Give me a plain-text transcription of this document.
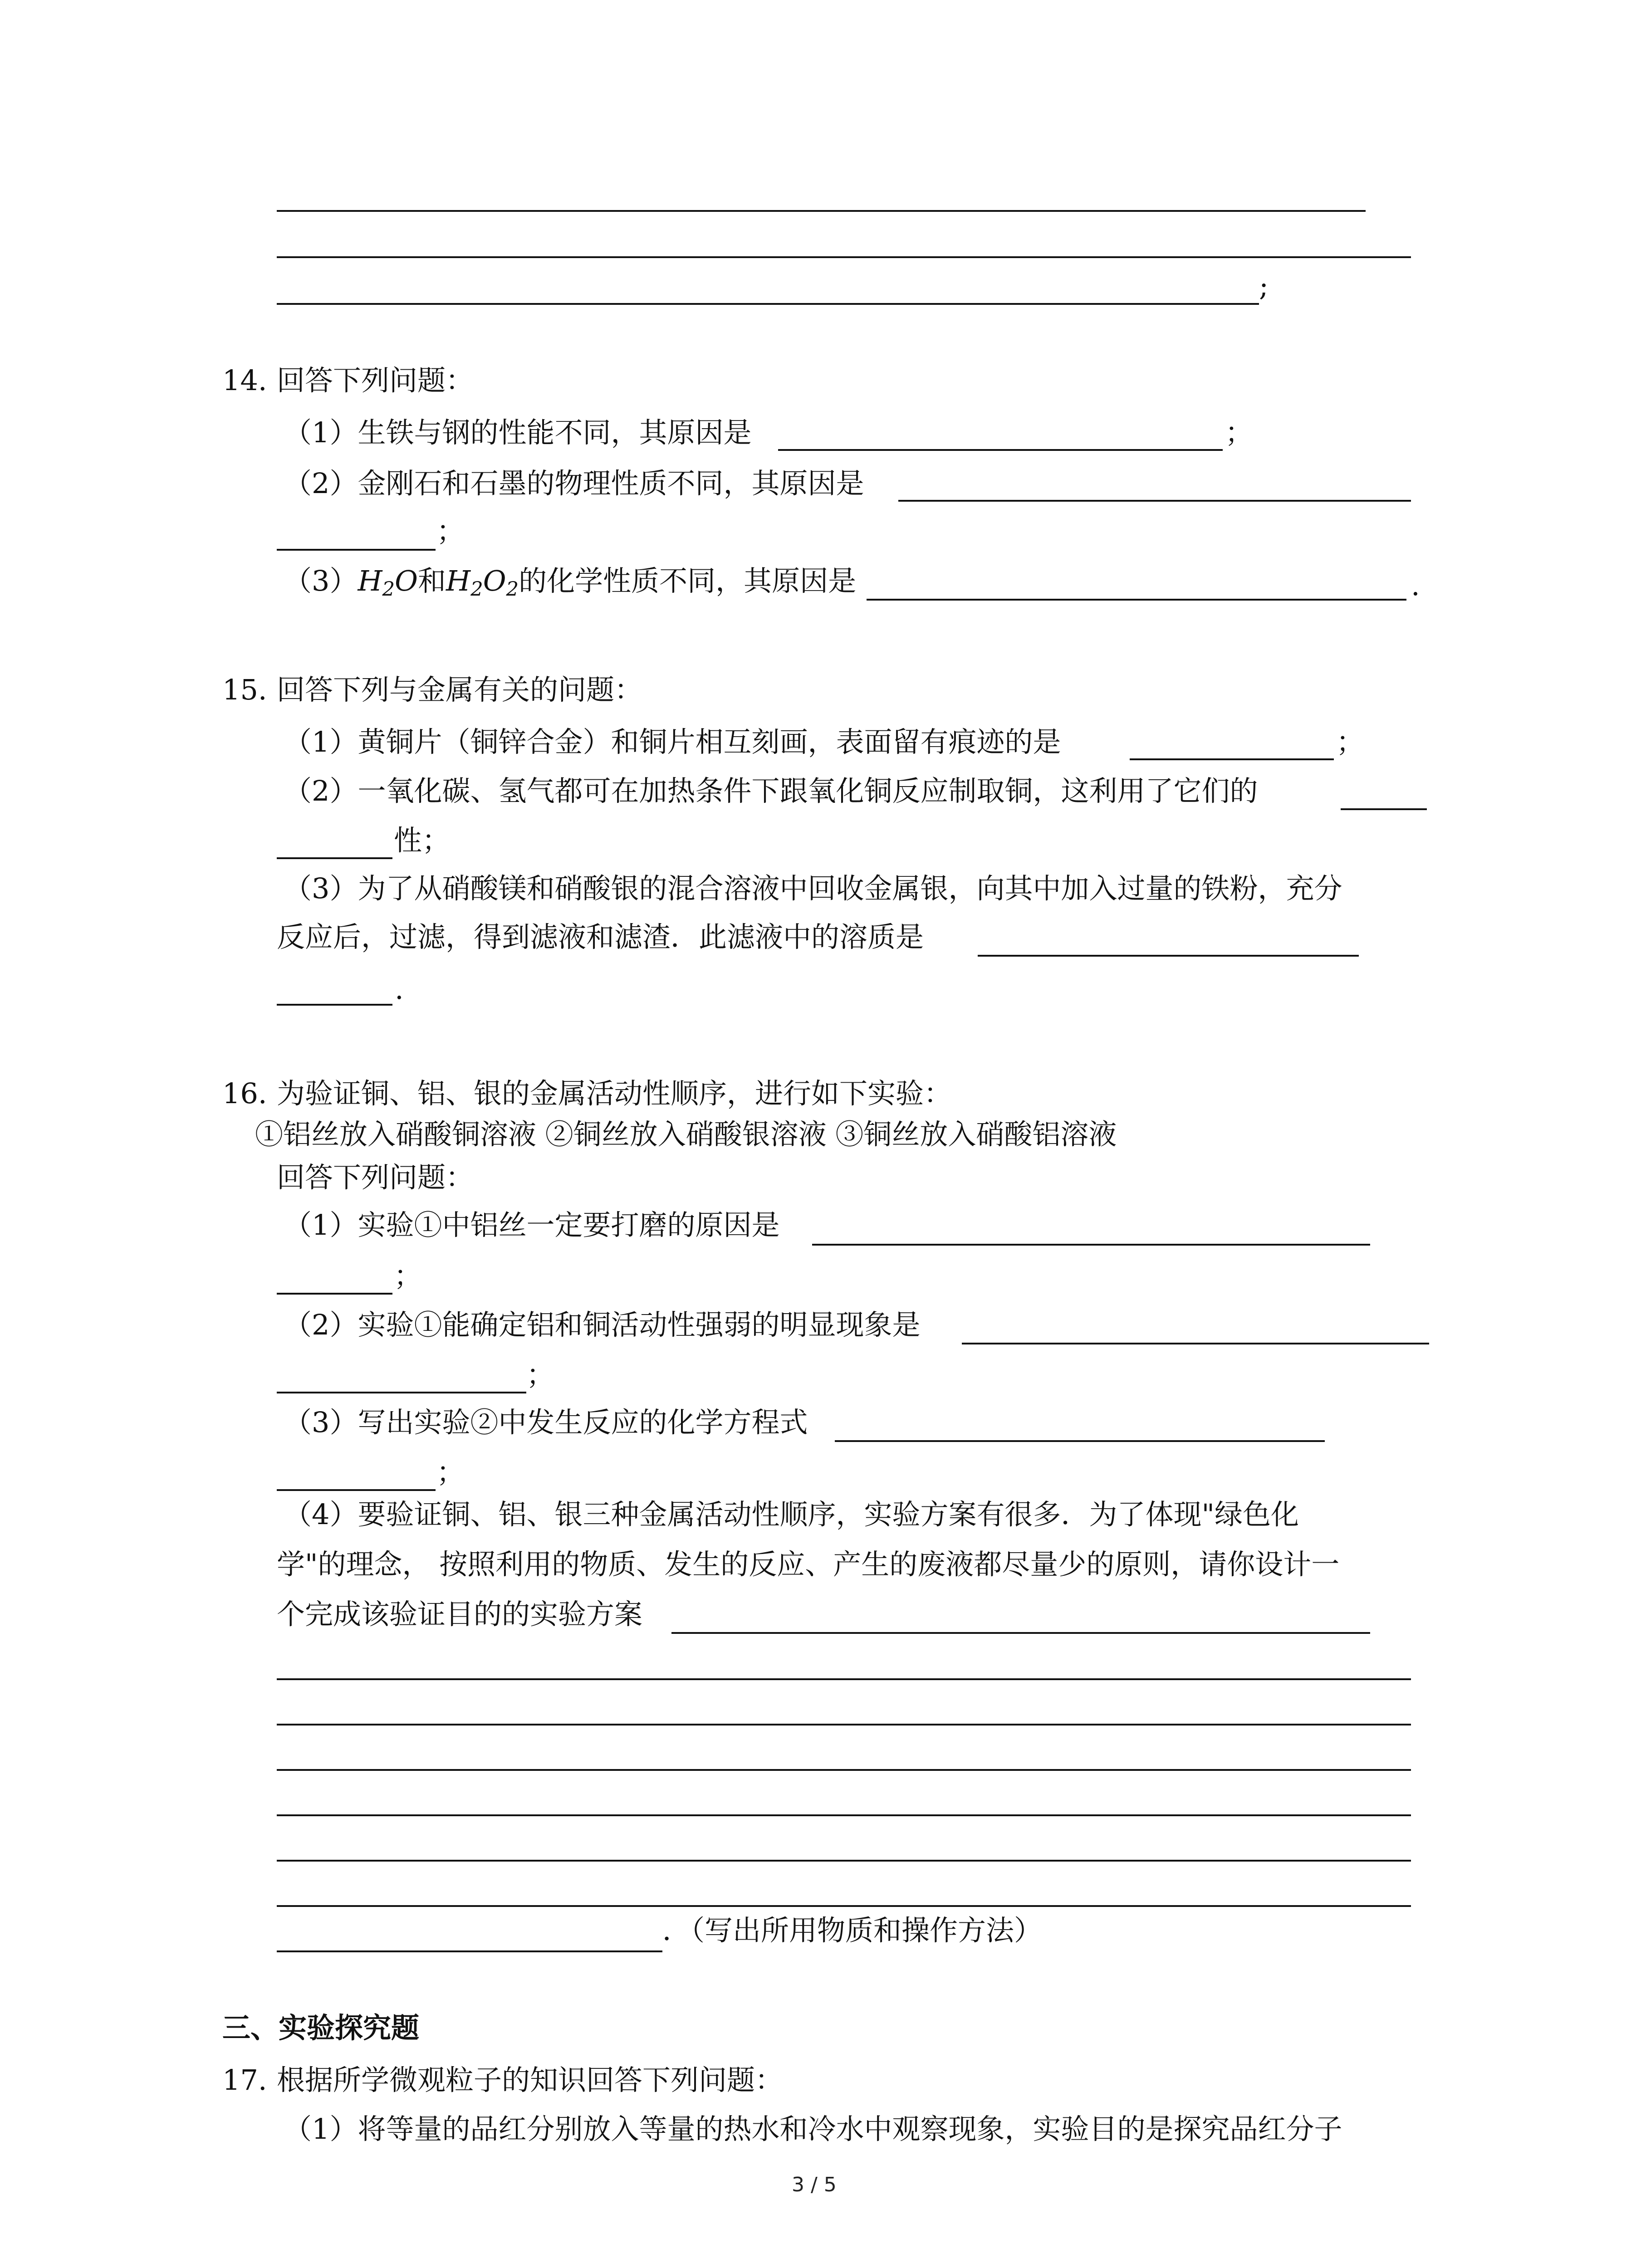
;
14. 回答下列问题：
（1）生铁与钢的性能不同，其原因是	；
（2）金刚石和石墨的物理性质不同，其原因是
；
$(3)H_2O$和$H_2O_2$的化学性质不同，其原因是	.
15. 回答下列与金属有关的问题：
（1）黄铜片（铜锌合金）和铜片相互刻画，表面留有痕迹的是	；
（2）一氧化碳、氢气都可在加热条件下跟氧化铜反应制取铜，这利用了它们的
性；
（3）为了从硝酸镁和硝酸银的混合溶液中回收金属银，向其中加入过量的铁粉，充分
反应后，过滤，得到滤液和滤渣．此滤液中的溶质是
.
16. 为验证铜、铝、银的金属活动性顺序，进行如下实验：
①铝丝放入硝酸铜溶液 ②铜丝放入硝酸银溶液 ③铜丝放入硝酸铝溶液
回答下列问题：
（1）实验①中铝丝一定要打磨的原因是
；
（2）实验①能确定铝和铜活动性强弱的明显现象是
；
（3）写出实验②中发生反应的化学方程式
；
（4）要验证铜、铝、银三种金属活动性顺序，实验方案有很多．为了体现"绿色化
学"的理念， 按照利用的物质、发生的反应、产生的废液都尽量少的原则，请你设计一
个完成该验证目的的实验方案
．（写出所用物质和操作方法）
三、实验探究题
17. 根据所学微观粒子的知识回答下列问题：
（1）将等量的品红分别放入等量的热水和冷水中观察现象，实验目的是探究品红分子
3 / 5
